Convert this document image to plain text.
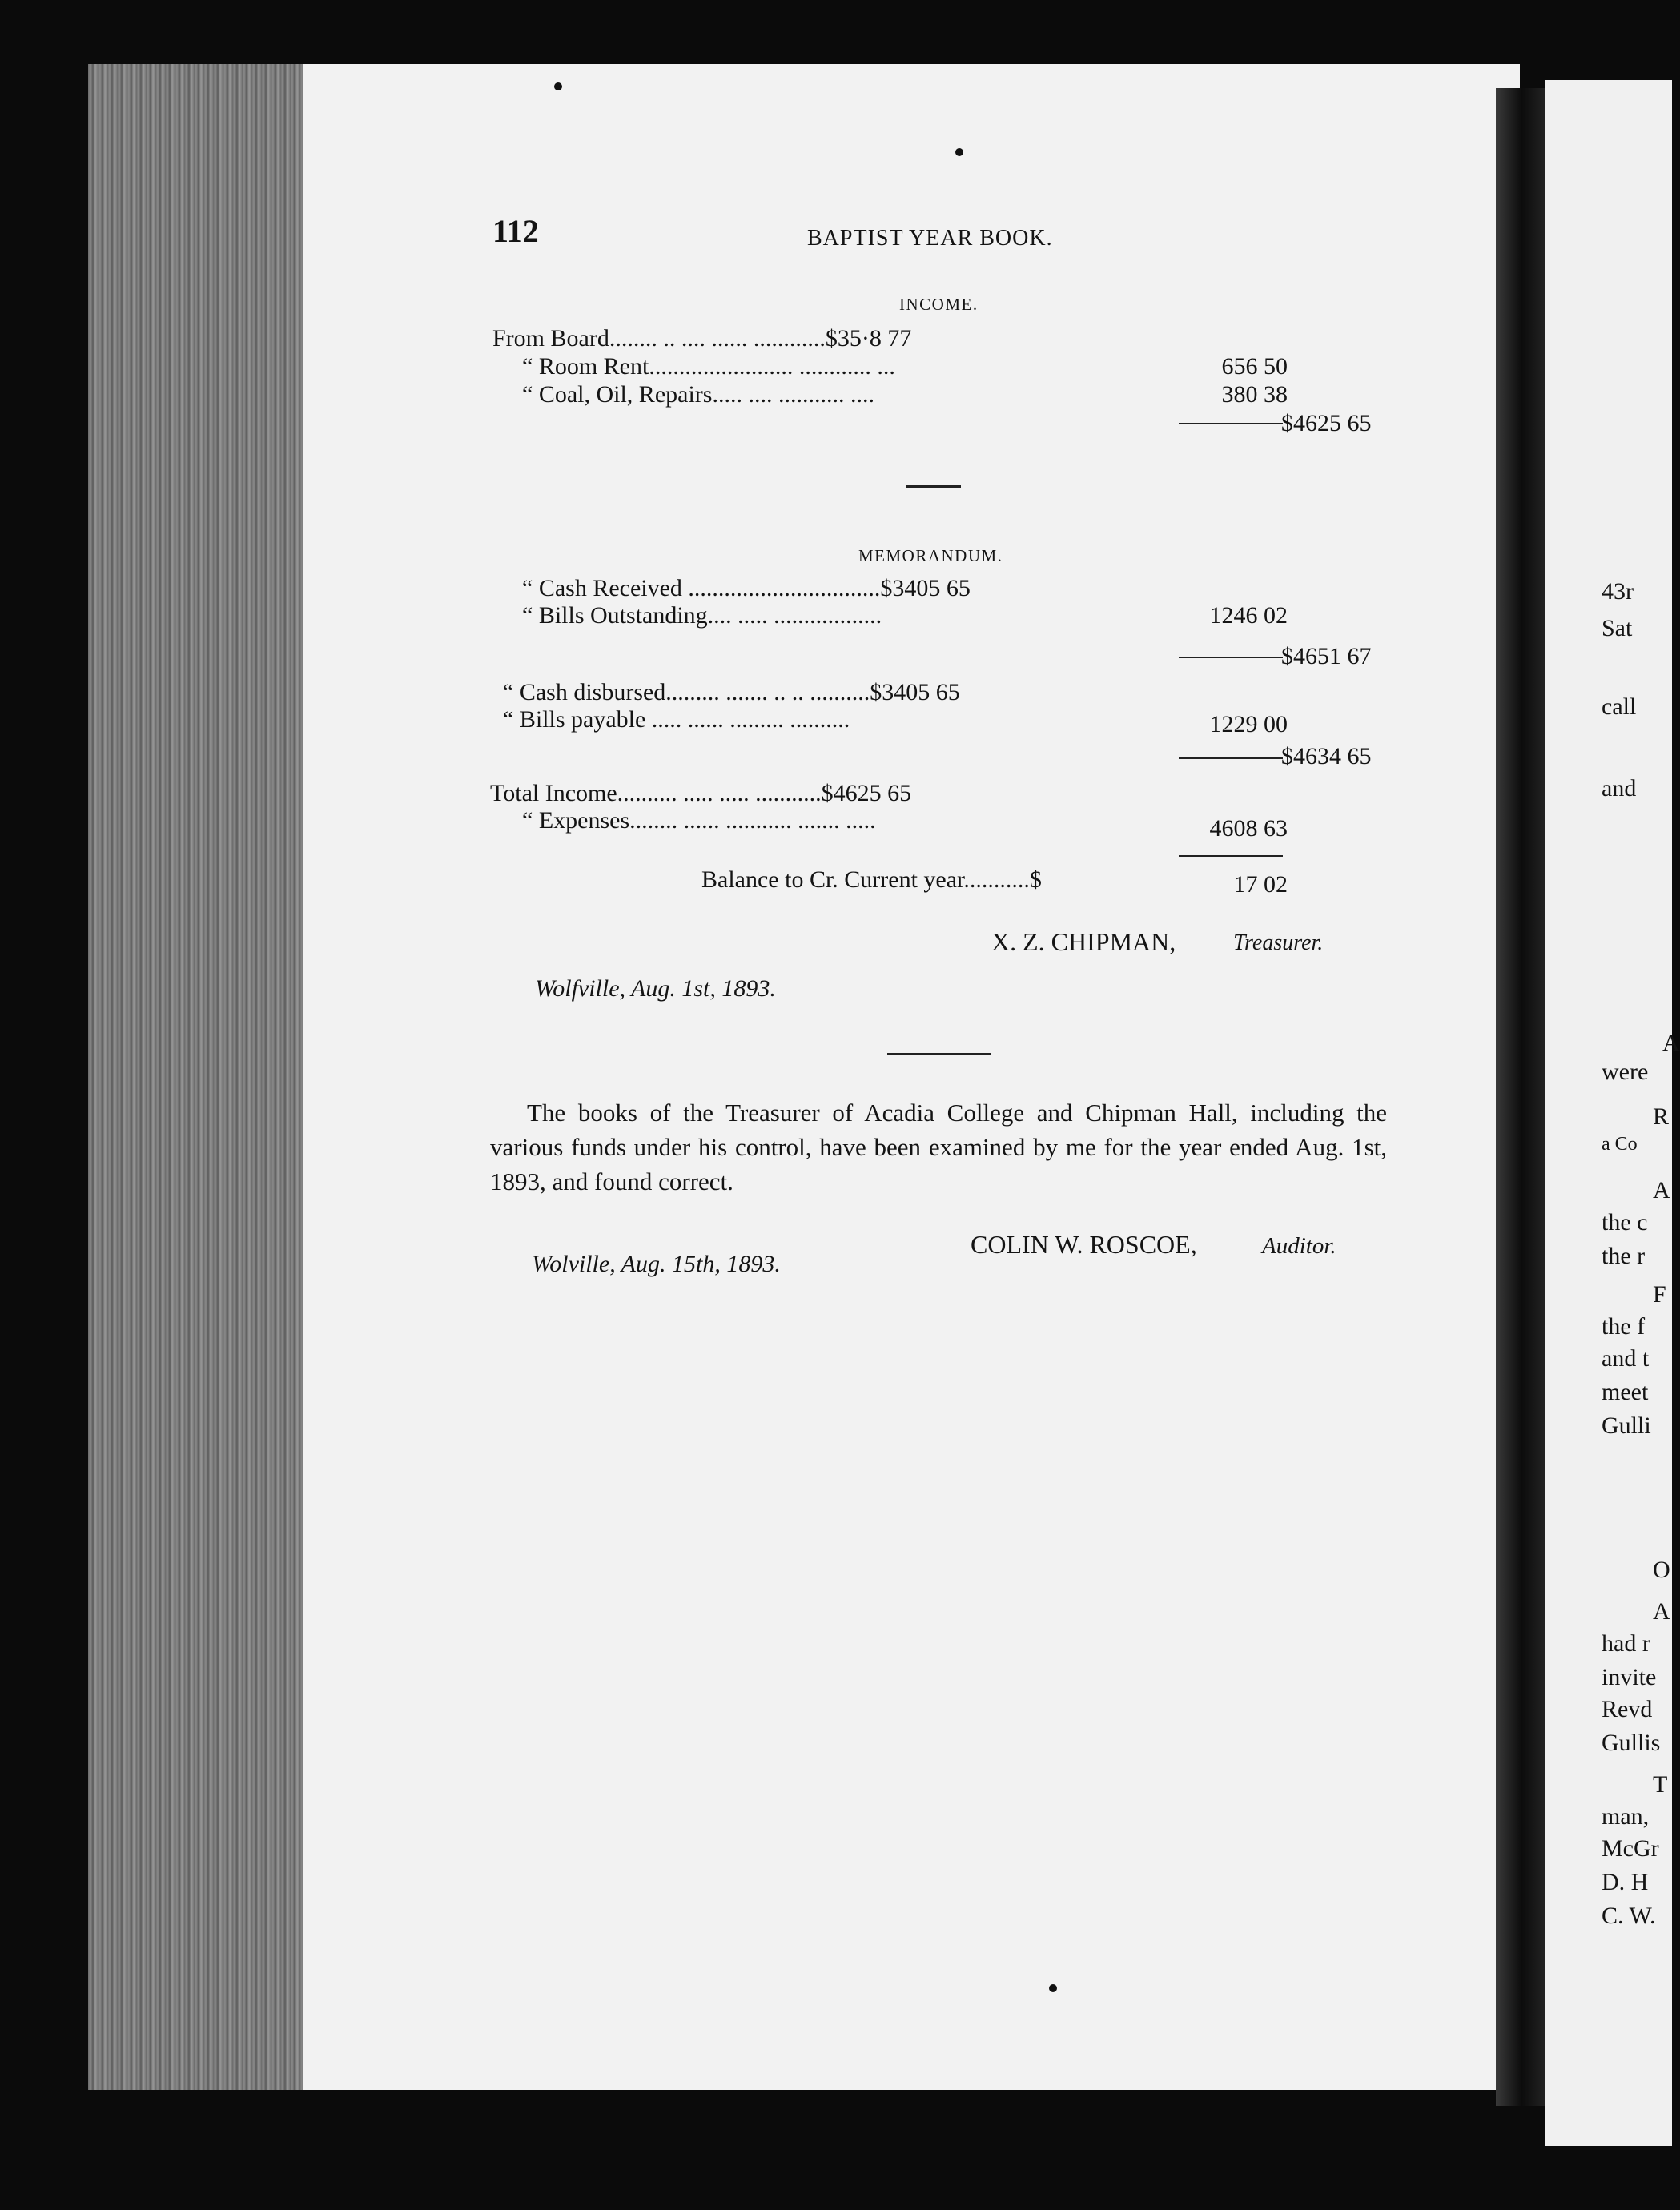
112	BAPTIST YEAR BOOK.
INCOME.
From Board........ .. .... ...... ............$35·8 77
“ Room Rent........................ ............ ...	656 50
“ Coal, Oil, Repairs..... .... ........... ....	380 38
$4625 65
MEMORANDUM.
“ Cash Received ................................$3405 65
“ Bills Outstanding.... ..... ..................	1246 02
$4651 67
“ Cash disbursed......... ....... .. .. ..........$3405 65
“ Bills payable ..... ...... ......... ..........	1229 00
$4634 65
Total Income.......... ..... ..... ...........$4625 65
“ Expenses........ ...... ........... ....... .....	4608 63
Balance to Cr. Current year...........$	17 02
X. Z. CHIPMAN,	Treasurer.
Wolfville, Aug. 1st, 1893.
The books of the Treasurer of Acadia College and Chipman Hall, including the various funds under his control, have been examined by me for the year ended Aug. 1st, 1893, and found correct.
COLIN W. ROSCOE,	Auditor.
Wolville, Aug. 15th, 1893.
43r
Sat
call
and
A
were
R
a Co
A
the c
the r
F
the f
and t
meet
Gulli
O
A
had r
invite
Revd
Gullis
T
man,
McGr
D. H
C. W.
